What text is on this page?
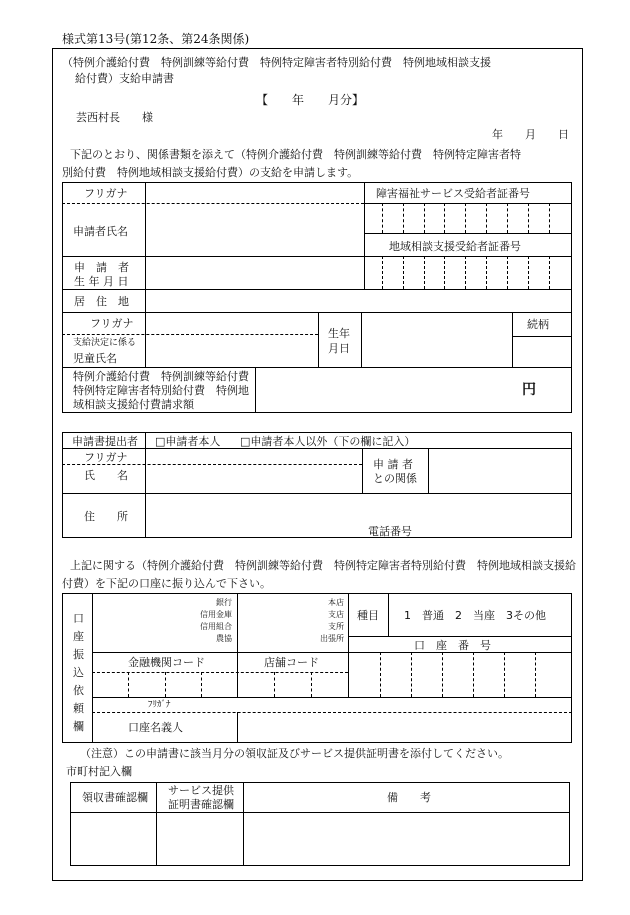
様式第13号(第12条、第24条関係)
（特例介護給付費　特例訓練等給付費　特例特定障害者特別給付費　特例地域相談支援
給付費）支給申請書
【　　年　　月分】
芸西村長　　様
年　　月　　日
下記のとおり、関係書類を添えて（特例介護給付費　特例訓練等給付費　特例特定障害者特
別給付費　特例地域相談支援給付費）の支給を申請します。
フリガナ
申請者氏名
障害福祉サービス受給者証番号
地域相談支援受給者証番号
申　請　者
生 年 月 日
居　住　地
フリガナ
支給決定に係る
児童氏名
生年
月日
続柄
特例介護給付費　特例訓練等給付費
特例特定障害者特別給付費　特例地
域相談支援給付費請求額
円
申請書提出者 □申請者本人 □申請者本人以外（下の欄に記入）
フリガナ
氏　　名
申 請 者
との関係
住　　所
電話番号
上記に関する（特例介護給付費　特例訓練等給付費　特例特定障害者特別給付費　特例地域相談支援給
付費）を下記の口座に振り込んで下さい。
口
座
振
込
依
頼
欄
銀行
信用金庫
信用組合
農協
本店
支店
支所
出張所
種目 1　普通　2　当座　3その他
口　座　番　号
金融機関コード	店舗コード
ﾌﾘｶﾞﾅ
口座名義人
（注意）この申請書に該当月分の領収証及びサービス提供証明書を添付してください。
市町村記入欄
領収書確認欄
サービス提供
証明書確認欄
備　　考
